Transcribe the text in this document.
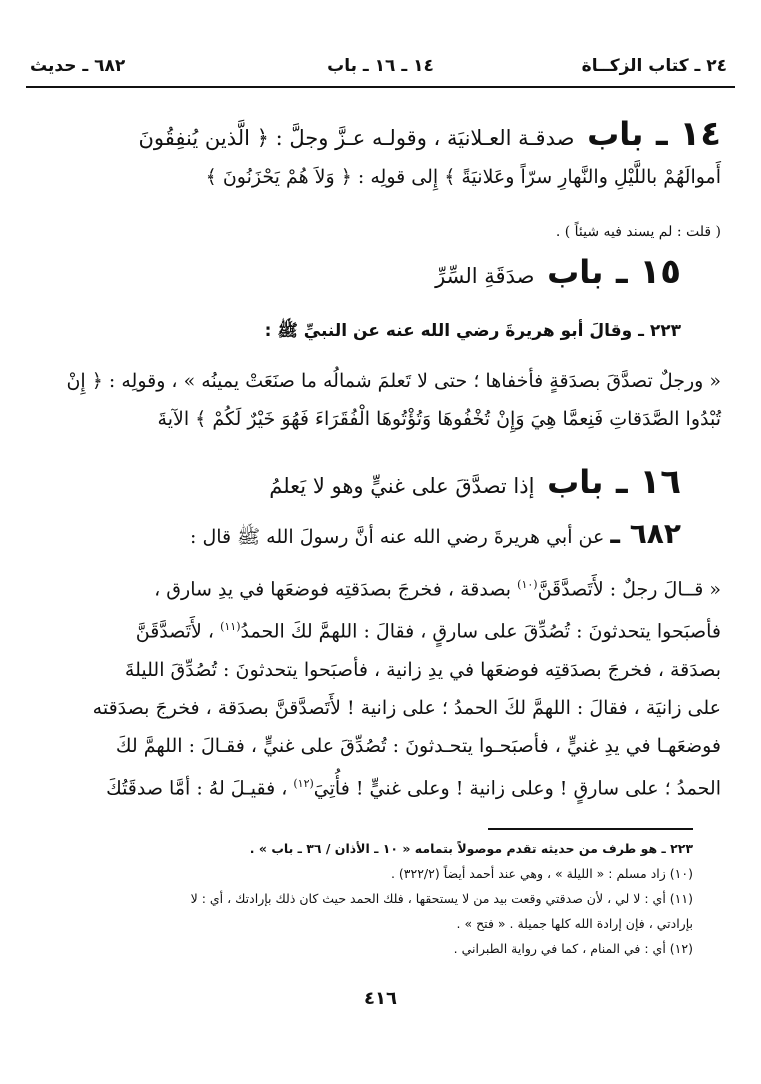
٢٤ ـ كتاب الزكــاة
١٤ ـ ١٦ ـ باب
٦٨٢ ـ حديث
١٤ ـ باب صدقـة العـلانيَة ، وقولـه عـزَّ وجلَّ : ﴿ الَّذين يُنفِقُونَ
أَموالَهُمْ باللَّيْلِ والنَّهارِ سرّاً وعَلانيَةً ﴾ إِلى قولِه : ﴿ وَلاَ هُمْ يَحْزَنُونَ ﴾
( قلت : لم يسند فيه شيئاً ) .
١٥ ـ باب صدَقَةِ السِّرِّ
٢٢٣ ـ وقالَ أبو هريرةَ رضي الله عنه عن النبيِّ ﷺ :
« ورجلٌ تصدَّقَ بصدَقةٍ فأخفاها ؛ حتى لا تَعلمَ شمالُه ما صنَعَتْ يمينُه » ، وقولِه : ﴿ إِنْ
تُبْدُوا الصَّدَقاتِ فَنِعمَّا هِيَ وَإِنْ تُخْفُوهَا وَتُؤْتُوهَا الْفُقَرَاءَ فَهُوَ خَيْرٌ لَكُمْ ﴾ الآيةَ
١٦ ـ باب إذا تصدَّقَ على غنيٍّ وهو لا يَعلمُ
٦٨٢ ـ عن أبي هريرةَ رضي الله عنه أنَّ رسولَ الله ﷺ قال :
« قــالَ رجلٌ : لأَتَصدَّقَنَّ$^{(١٠)}$ بصدقة ، فخرجَ بصدَقتِه فوضعَها في يدِ سارق ،
فأصبَحوا يتحدثونَ : تُصُدِّقَ على سارقٍ ، فقالَ : اللهمَّ لكَ الحمدُ$^{(١١)}$ ، لأَتَصدَّقَنَّ
بصدَقة ، فخرجَ بصدَقتِه فوضعَها في يدِ زانية ، فأصبَحوا يتحدثونَ : تُصُدِّقَ الليلةَ
على زانيَة ، فقالَ : اللهمَّ لكَ الحمدُ ؛ على زانية ! لأَتَصدَّقنَّ بصدَقة ، فخرجَ بصدَقته
فوضعَهـا في يدِ غنيٍّ ، فأصبَحـوا يتحـدثونَ : تُصُدِّقَ على غنيٍّ ، فقـالَ : اللهمَّ لكَ
الحمدُ ؛ على سارقٍ ! وعلى زانية ! وعلى غنيٍّ ! فأُتِيَ$^{(١٢)}$ ، فقيـلَ لهُ : أمَّا صدقَتُكَ

٢٢٣ ـ هو طرف من حديثه تقدم موصولاً بتمامه « ١٠ ـ الأذان / ٣٦ ـ باب » .

(١٠) زاد مسلم : « الليلة » ، وهي عند أحمد أيضاً (٣٢٢/٢) .

(١١) أي : لا لي ، لأن صدقتي وقعت بيد من لا يستحقها ، فلك الحمد حيث كان ذلك بإرادتك ، أي : لا

بإرادتي ، فإن إرادة الله كلها جميلة . « فتح » .

(١٢) أي : في المنام ، كما في رواية الطبراني .

٤١٦
